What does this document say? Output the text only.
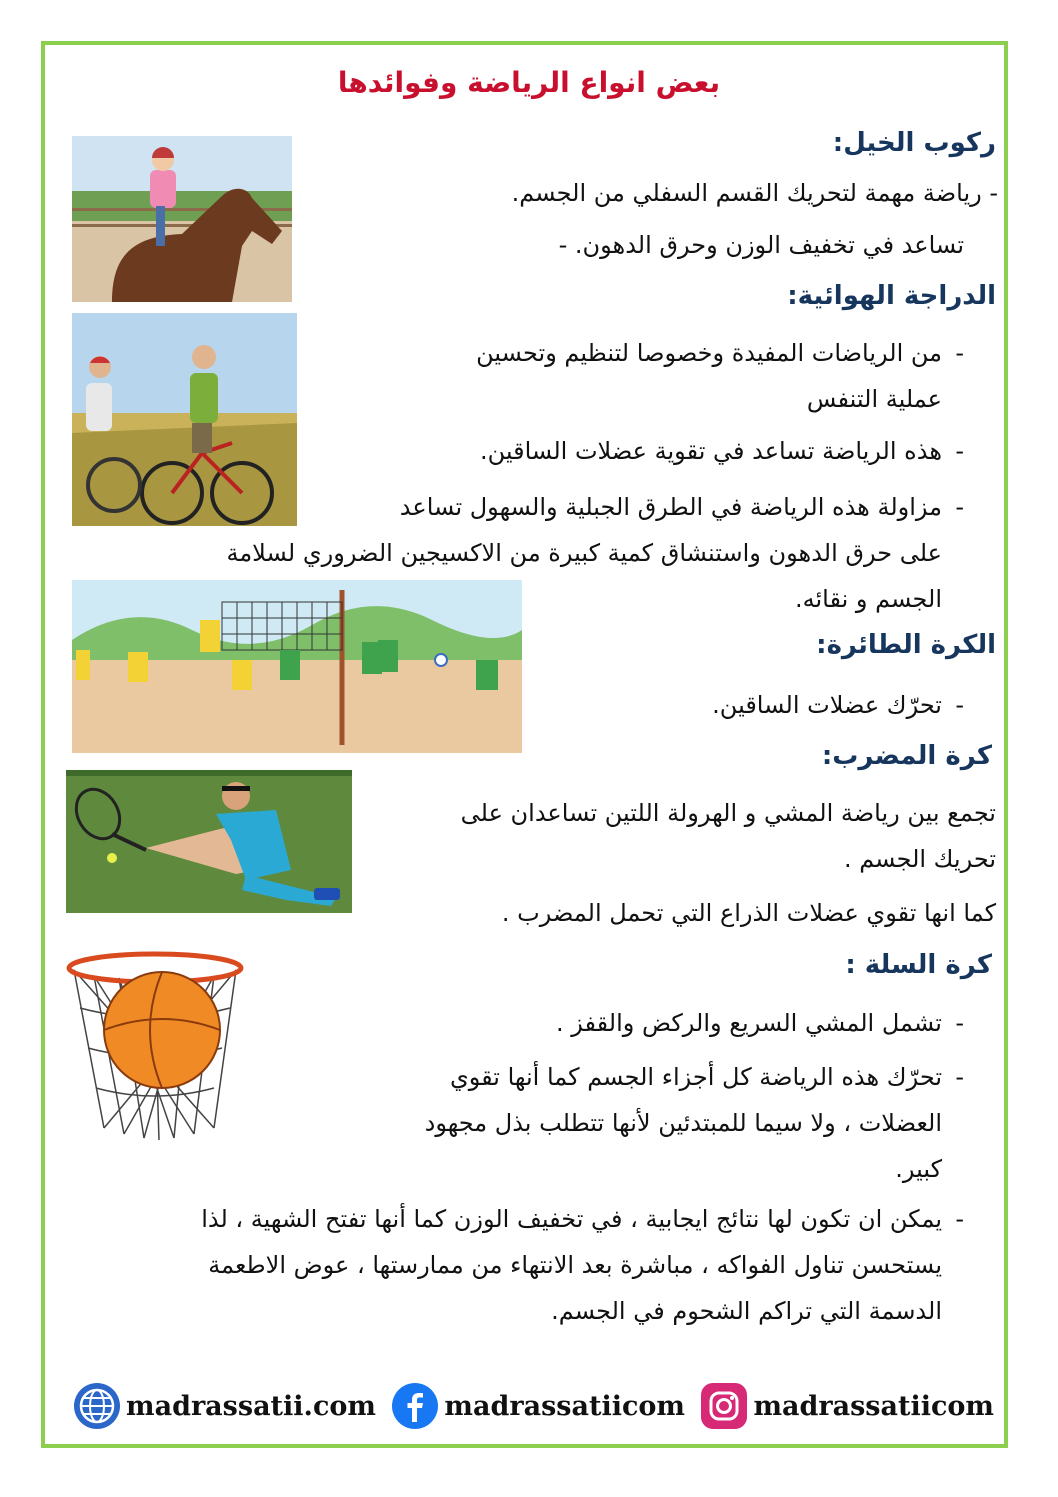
بعض انواع الرياضة وفوائدها
ركوب الخيل:
- رياضة مهمة لتحريك القسم السفلي من الجسم.
تساعد في تخفيف الوزن وحرق الدهون. -
الدراجة الهوائية:
-من الرياضات المفيدة وخصوصا لتنظيم وتحسين
عملية التنفس
-هذه الرياضة تساعد في تقوية عضلات الساقين.
-مزاولة هذه الرياضة في الطرق الجبلية والسهول تساعد
على حرق الدهون واستنشاق كمية كبيرة من الاكسيجين الضروري لسلامة
الجسم و نقائه.
الكرة الطائرة:
-تحرّك عضلات الساقين.
كرة المضرب:
تجمع بين رياضة المشي و الهرولة اللتين تساعدان على
تحريك الجسم .
كما انها تقوي عضلات الذراع التي تحمل المضرب .
كرة السلة :
-تشمل المشي السريع والركض والقفز .
-تحرّك هذه الرياضة كل أجزاء الجسم كما أنها تقوي
العضلات ، ولا سيما للمبتدئين لأنها تتطلب بذل مجهود
كبير.
-يمكن ان تكون لها نتائج ايجابية ، في تخفيف الوزن كما أنها تفتح الشهية ، لذا
يستحسن تناول الفواكه ، مباشرة بعد الانتهاء من ممارستها ، عوض الاطعمة
الدسمة التي تراكم الشحوم في الجسم.
madrassatii.com	madrassatiicom	madrassatiicom
